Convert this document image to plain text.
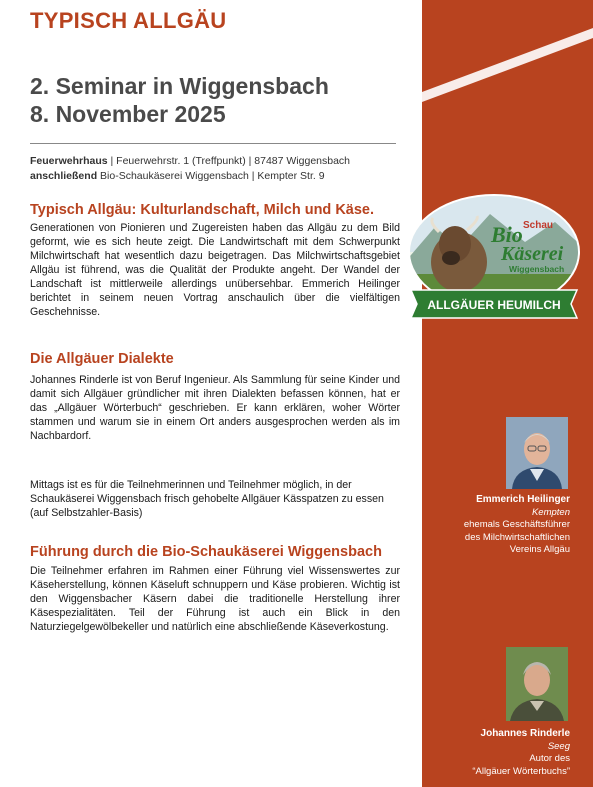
Bio Schau
Käserei
Wiggensbach
ALLGÄUER HEUMILCH
TYPISCH ALLGÄU
2. Seminar in Wiggensbach
8. November 2025
Feuerwehrhaus | Feuerwehrstr. 1 (Treffpunkt) | 87487 Wiggensbach
anschließend Bio-Schaukäserei Wiggensbach | Kempter Str. 9
Typisch Allgäu: Kulturlandschaft, Milch und Käse.

Generationen von Pionieren und Zugereisten haben das Allgäu zu dem Bild geformt, wie es sich heute zeigt. Die Landwirtschaft mit dem Schwerpunkt Milchwirtschaft hat wesentlich dazu beigetragen. Das Milchwirtschaftsgebiet Allgäu ist führend, was die Qualität der Produkte angeht. Der Wandel der Landschaft ist mittlerweile allerdings unübersehbar. Emmerich Heilinger berichtet in seinem neuen Vortrag anschaulich über die vielfältigen Geschehnisse.

Die Allgäuer Dialekte

Johannes Rinderle ist von Beruf Ingenieur. Als Sammlung für seine Kinder und damit sich Allgäuer gründlicher mit ihren Dialekten befassen können, hat er das „Allgäuer Wörterbuch“ geschrieben. Er kann erklären, woher Wörter stammen und warum sie in einem Ort anders ausgesprochen werden als im Nachbardorf.

Mittags ist es für die Teilnehmerinnen und Teilnehmer möglich, in der Schaukäserei Wiggensbach frisch gehobelte Allgäuer Kässpatzen zu essen (auf Selbstzahler-Basis)

Führung durch die Bio-Schaukäserei Wiggensbach

Die Teilnehmer erfahren im Rahmen einer Führung viel Wissenswertes zur Käseherstellung, können Käseluft schnuppern und Käse probieren. Wichtig ist den Wiggensbacher Käsern dabei die traditionelle Herstellung ihrer Käsespezialitäten. Teil der Führung ist auch ein Blick in den Naturziegelgewölbekeller und natürlich eine abschließende Käseverkostung.

Emmerich Heilinger
Kempten
ehemals Geschäftsführer
des Milchwirtschaftlichen
Vereins Allgäu
Johannes Rinderle
Seeg
Autor des
“Allgäuer Wörterbuchs”
